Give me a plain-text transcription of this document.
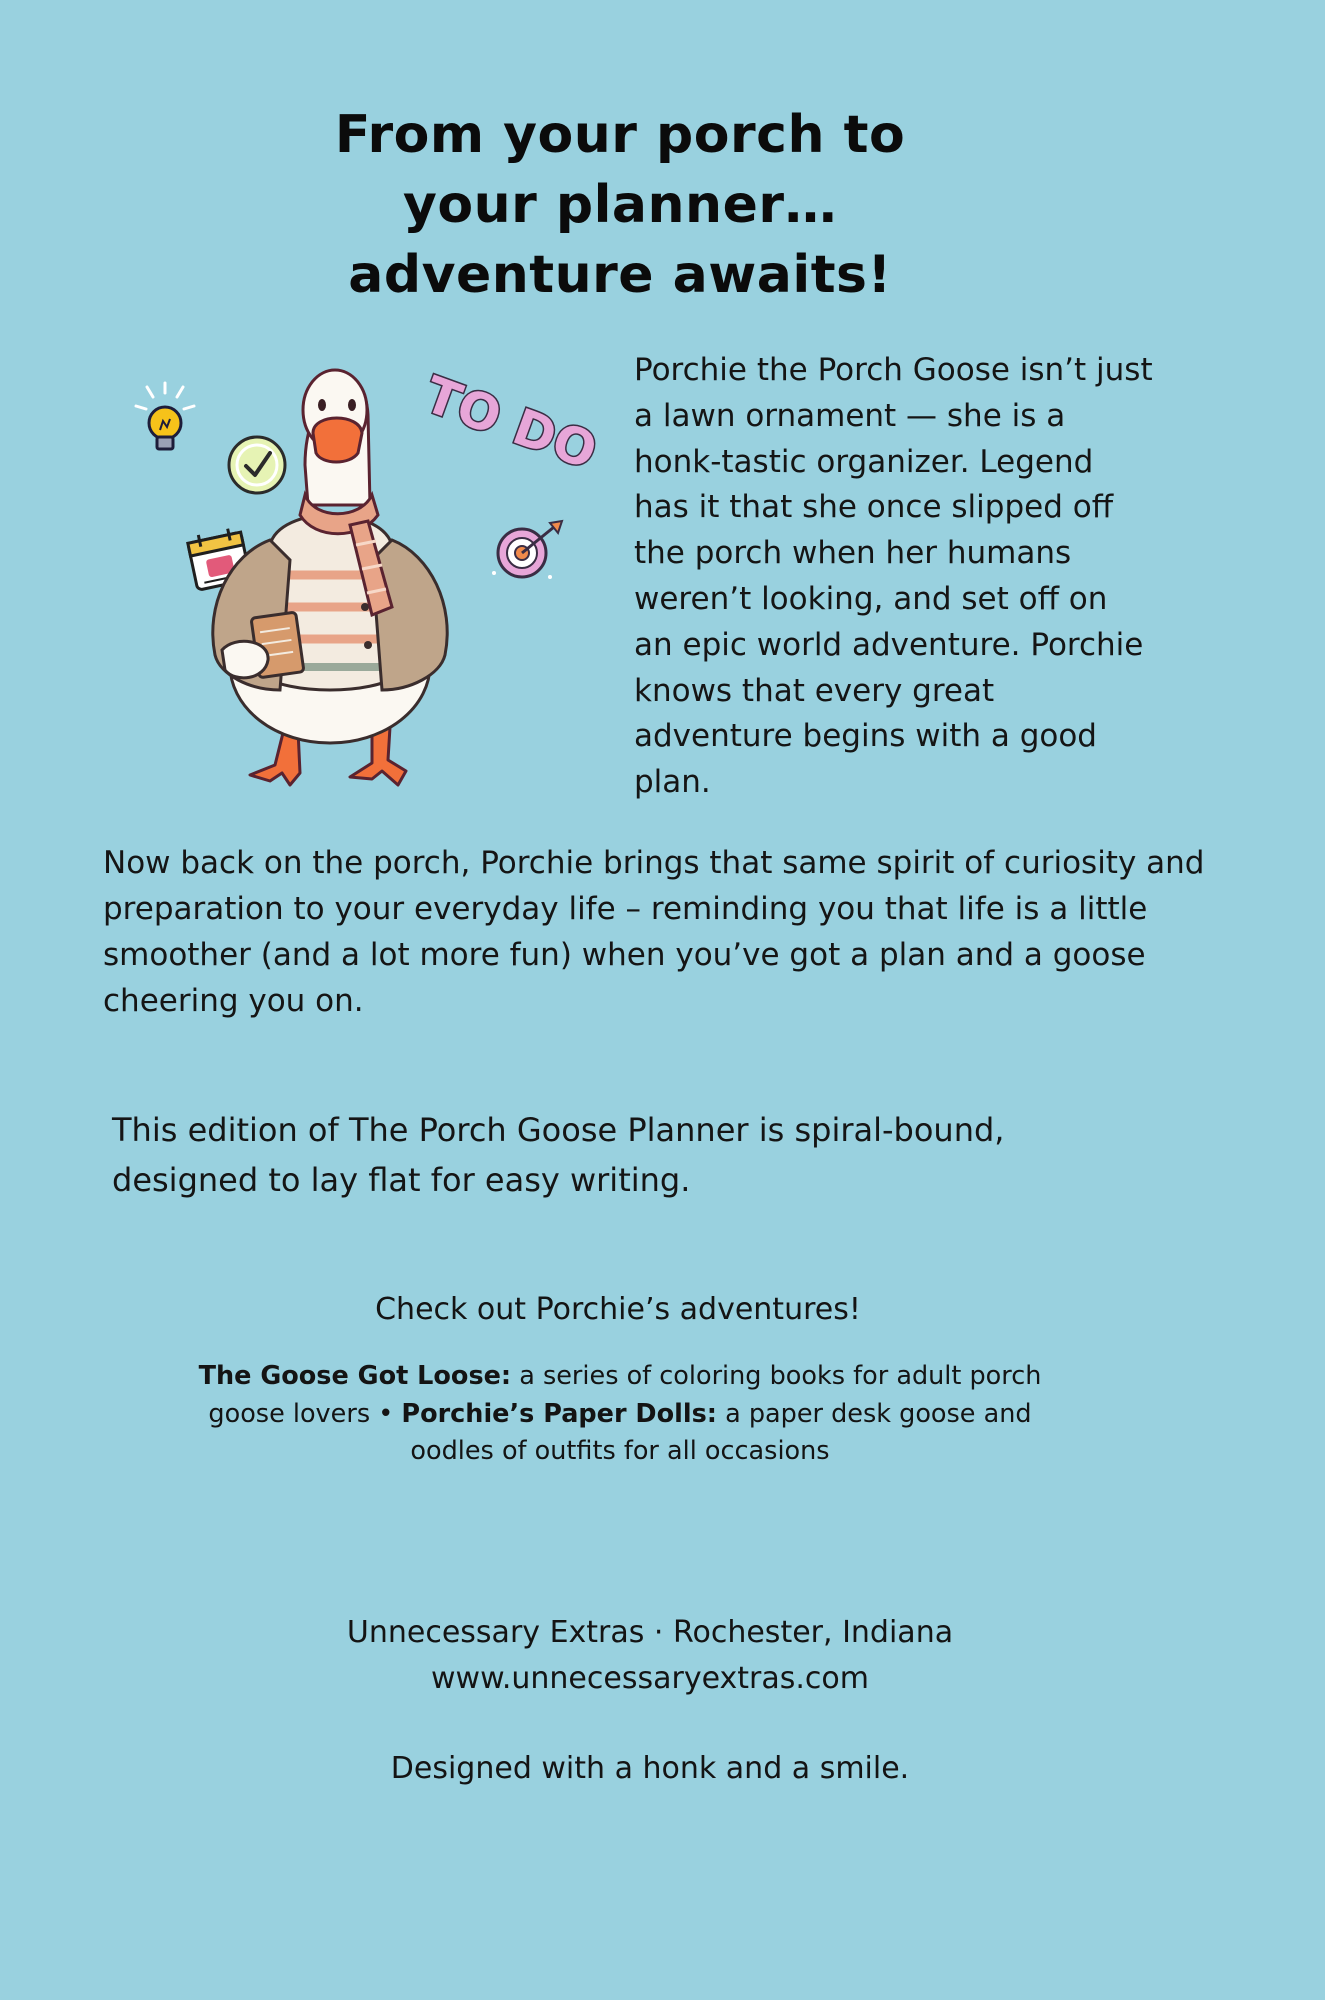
From your porch to
your planner…
adventure awaits!
TO DO Porchie the Porch Goose isn’t just a lawn ornament — she is a honk-tastic organizer. Legend has it that she once slipped off the porch when her humans weren’t looking, and set off on an epic world adventure. Porchie knows that every great adventure begins with a good plan.

Now back on the porch, Porchie brings that same spirit of curiosity and preparation to your everyday life – reminding you that life is a little smoother (and a lot more fun) when you’ve got a plan and a goose cheering you on.

This edition of The Porch Goose Planner is spiral-bound, designed to lay flat for easy writing.

Check out Porchie’s adventures!

The Goose Got Loose: a series of coloring books for adult porch goose lovers • Porchie’s Paper Dolls: a paper desk goose and oodles of outfits for all occasions

Unnecessary Extras · Rochester, Indiana
www.unnecessaryextras.com

Designed with a honk and a smile.
